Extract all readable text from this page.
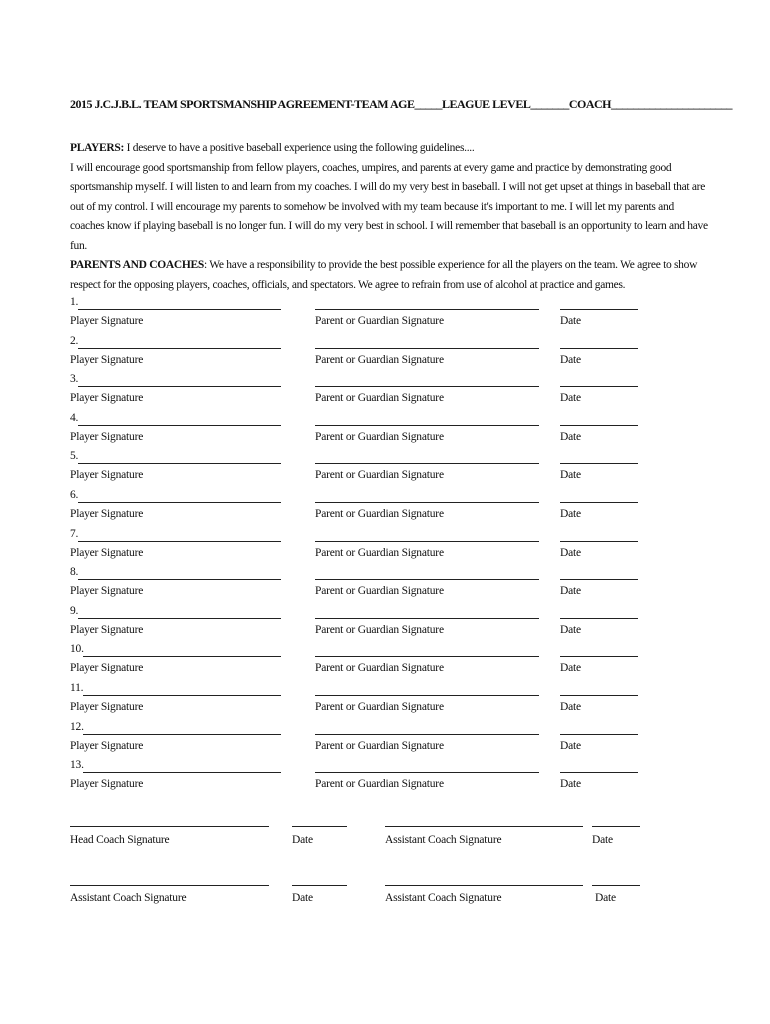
2015 J.C.J.B.L. TEAM SPORTSMANSHIP AGREEMENT-TEAM AGE_____LEAGUE LEVEL_______COACH______________________
PLAYERS: I deserve to have a positive baseball experience using the following guidelines....
I will encourage good sportsmanship from fellow players, coaches, umpires, and parents at every game and practice by demonstrating good sportsmanship myself. I will listen to and learn from my coaches. I will do my very best in baseball. I will not get upset at things in baseball that are out of my control. I will encourage my parents to somehow be involved with my team because it's important to me. I will let my parents and coaches know if playing baseball is no longer fun. I will do my very best in school. I will remember that baseball is an opportunity to learn and have fun.
PARENTS AND COACHES: We have a responsibility to provide the best possible experience for all the players on the team. We agree to show respect for the opposing players, coaches, officials, and spectators. We agree to refrain from use of alcohol at practice and games.
1.
Player Signature	Parent or Guardian Signature	Date
2.
Player Signature	Parent or Guardian Signature	Date
3.
Player Signature	Parent or Guardian Signature	Date
4.
Player Signature	Parent or Guardian Signature	Date
5.
Player Signature	Parent or Guardian Signature	Date
6.
Player Signature	Parent or Guardian Signature	Date
7.
Player Signature	Parent or Guardian Signature	Date
8.
Player Signature	Parent or Guardian Signature	Date
9.
Player Signature	Parent or Guardian Signature	Date
10.
Player Signature	Parent or Guardian Signature	Date
11.
Player Signature	Parent or Guardian Signature	Date
12.
Player Signature	Parent or Guardian Signature	Date
13.
Player Signature	Parent or Guardian Signature	Date
Head Coach Signature	Date	Assistant Coach Signature	Date
Assistant Coach Signature	Date	Assistant Coach Signature	Date
